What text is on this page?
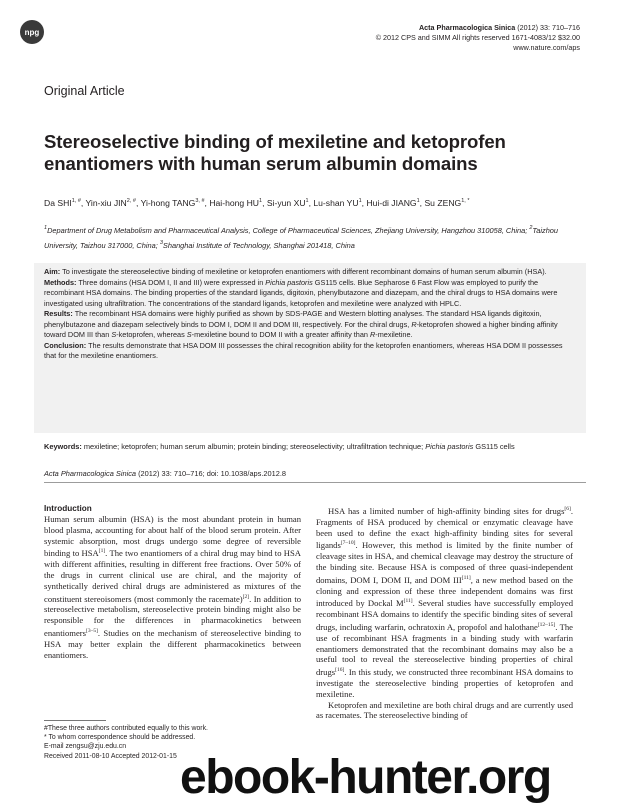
npg	Acta Pharmacologica Sinica (2012) 33: 710–716
© 2012 CPS and SIMM All rights reserved 1671-4083/12 $32.00
www.nature.com/aps
Original Article
Stereoselective binding of mexiletine and ketoprofen enantiomers with human serum albumin domains
Da $SHI^{1, \#}$, Yin-xiu $JIN^{2, \#}$, Yi-hong $TANG^{3, \#}$, Hai-hong $HU^1$, Si-yun $XU^1$, Lu-shan $YU^1$, Hui-di JIANG$^1$, Su $ZENG^{1, *}$
$^1$Department of Drug Metabolism and Pharmaceutical Analysis, College of Pharmaceutical Sciences, Zhejiang University, Hangzhou 310058, China; $^2$Taizhou University, Taizhou 317000, China; $^3$Shanghai Institute of Technology, Shanghai 201418, China

Aim: To investigate the stereoselective binding of mexiletine or ketoprofen enantiomers with different recombinant domains of human serum albumin (HSA).

Methods: Three domains (HSA DOM I, II and III) were expressed in Pichia pastoris GS115 cells. Blue Sepharose 6 Fast Flow was employed to purify the recombinant HSA domains. The binding properties of the standard ligands, digitoxin, phenylbutazone and diazepam, and the chiral drugs to HSA domains were investigated using ultrafiltration. The concentrations of the standard ligands, ketoprofen and mexiletine were analyzed with HPLC.

Results: The recombinant HSA domains were highly purified as shown by SDS-PAGE and Western blotting analyses. The standard HSA ligands digitoxin, phenylbutazone and diazepam selectively binds to DOM I, DOM II and DOM III, respectively. For the chiral drugs, R-ketoprofen showed a higher binding affinity toward DOM III than S-ketoprofen, whereas S-mexiletine bound to DOM II with a greater affinity than R-mexiletine.

Conclusion: The results demonstrate that HSA DOM III possesses the chiral recognition ability for the ketoprofen enantiomers, whereas HSA DOM II possesses that for the mexiletine enantiomers.

Keywords: mexiletine; ketoprofen; human serum albumin; protein binding; stereoselectivity; ultrafiltration technique; Pichia pastoris GS115 cells
Acta Pharmacologica Sinica (2012) 33: 710–716; doi: 10.1038/aps.2012.8
Introduction

Human serum albumin (HSA) is the most abundant protein in human blood plasma, accounting for about half of the blood serum protein. After systemic absorption, most drugs undergo some degree of reversible binding to HSA[1]. The two enantiomers of a chiral drug may bind to HSA with different affinities, resulting in different free fractions. Over 50% of the drugs in current clinical use are chiral, and the majority of synthetically derived chiral drugs are administered as mixtures of the constituent stereoisomers (most commonly the racemate)[2]. In addition to stereoselective metabolism, stereoselective protein binding might also be responsible for the differences in pharmacokinetics between enantiomers[3–5]. Studies on the mechanism of stereoselective binding to HSA may better explain the different pharmacokinetics between enantiomers.

HSA has a limited number of high-affinity binding sites for drugs[6]. Fragments of HSA produced by chemical or enzymatic cleavage have been used to define the exact high-affinity binding sites for several ligands[7–10]. However, this method is limited by the finite number of cleavage sites in HSA, and chemical cleavage may destroy the structure of the binding site. Because HSA is composed of three quasi-independent domains, DOM I, DOM II, and DOM III[11], a new method based on the cloning and expression of these three independent domains was first introduced by Dockal M[11]. Several studies have successfully employed recombinant HSA domains to identify the specific binding sites of several drugs, including warfarin, ochratoxin A, propofol and halothane[12–15]. The use of recombinant HSA fragments in a binding study with warfarin enantiomers demonstrated that the recombinant domains may also be a useful tool to reveal the stereoselective binding properties of chiral drugs[16]. In this study, we constructed three recombinant HSA domains to investigate the stereoselective binding properties of ketoprofen and mexiletine.

Ketoprofen and mexiletine are both chiral drugs and are currently used as racemates. The stereoselective binding of

#These three authors contributed equally to this work.
* To whom correspondence should be addressed.
E-mail zengsu@zju.edu.cn
Received 2011-08-10 Accepted 2012-01-15 ebook-hunter.org
